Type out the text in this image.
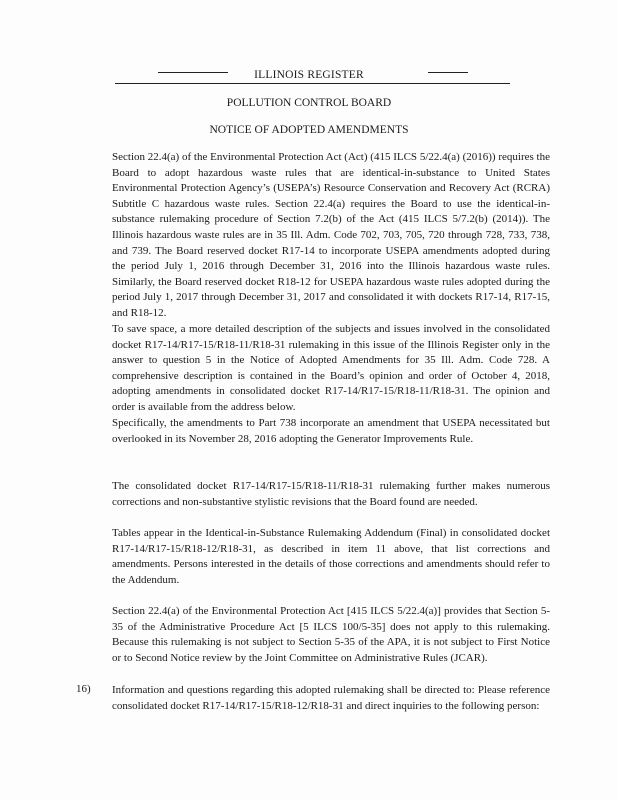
ILLINOIS REGISTER
POLLUTION CONTROL BOARD
NOTICE OF ADOPTED AMENDMENTS

Section 22.4(a) of the Environmental Protection Act (Act) (415 ILCS 5/22.4(a) (2016)) requires the Board to adopt hazardous waste rules that are identical-in-substance to United States Environmental Protection Agency’s (USEPA’s) Resource Conservation and Recovery Act (RCRA) Subtitle C hazardous waste rules. Section 22.4(a) requires the Board to use the identical-in-substance rulemaking procedure of Section 7.2(b) of the Act (415 ILCS 5/7.2(b) (2014)). The Illinois hazardous waste rules are in 35 Ill. Adm. Code 702, 703, 705, 720 through 728, 733, 738, and 739. The Board reserved docket R17-14 to incorporate USEPA amendments adopted during the period July 1, 2016 through December 31, 2016 into the Illinois hazardous waste rules. Similarly, the Board reserved docket R18-12 for USEPA hazardous waste rules adopted during the period July 1, 2017 through December 31, 2017 and consolidated it with dockets R17-14, R17-15, and R18-12.

To save space, a more detailed description of the subjects and issues involved in the consolidated docket R17-14/R17-15/R18-11/R18-31 rulemaking in this issue of the Illinois Register only in the answer to question 5 in the Notice of Adopted Amendments for 35 Ill. Adm. Code 728. A comprehensive description is contained in the Board’s opinion and order of October 4, 2018, adopting amendments in consolidated docket R17-14/R17-15/R18-11/R18-31. The opinion and order is available from the address below.

Specifically, the amendments to Part 738 incorporate an amendment that USEPA necessitated but overlooked in its November 28, 2016 adopting the Generator Improvements Rule.

The consolidated docket R17-14/R17-15/R18-11/R18-31 rulemaking further makes numerous corrections and non-substantive stylistic revisions that the Board found are needed.

Tables appear in the Identical-in-Substance Rulemaking Addendum (Final) in consolidated docket R17-14/R17-15/R18-12/R18-31, as described in item 11 above, that list corrections and amendments. Persons interested in the details of those corrections and amendments should refer to the Addendum.

Section 22.4(a) of the Environmental Protection Act [415 ILCS 5/22.4(a)] provides that Section 5-35 of the Administrative Procedure Act [5 ILCS 100/5-35] does not apply to this rulemaking. Because this rulemaking is not subject to Section 5-35 of the APA, it is not subject to First Notice or to Second Notice review by the Joint Committee on Administrative Rules (JCAR).

16) Information and questions regarding this adopted rulemaking shall be directed to: Please reference consolidated docket R17-14/R17-15/R18-12/R18-31 and direct inquiries to the following person:
